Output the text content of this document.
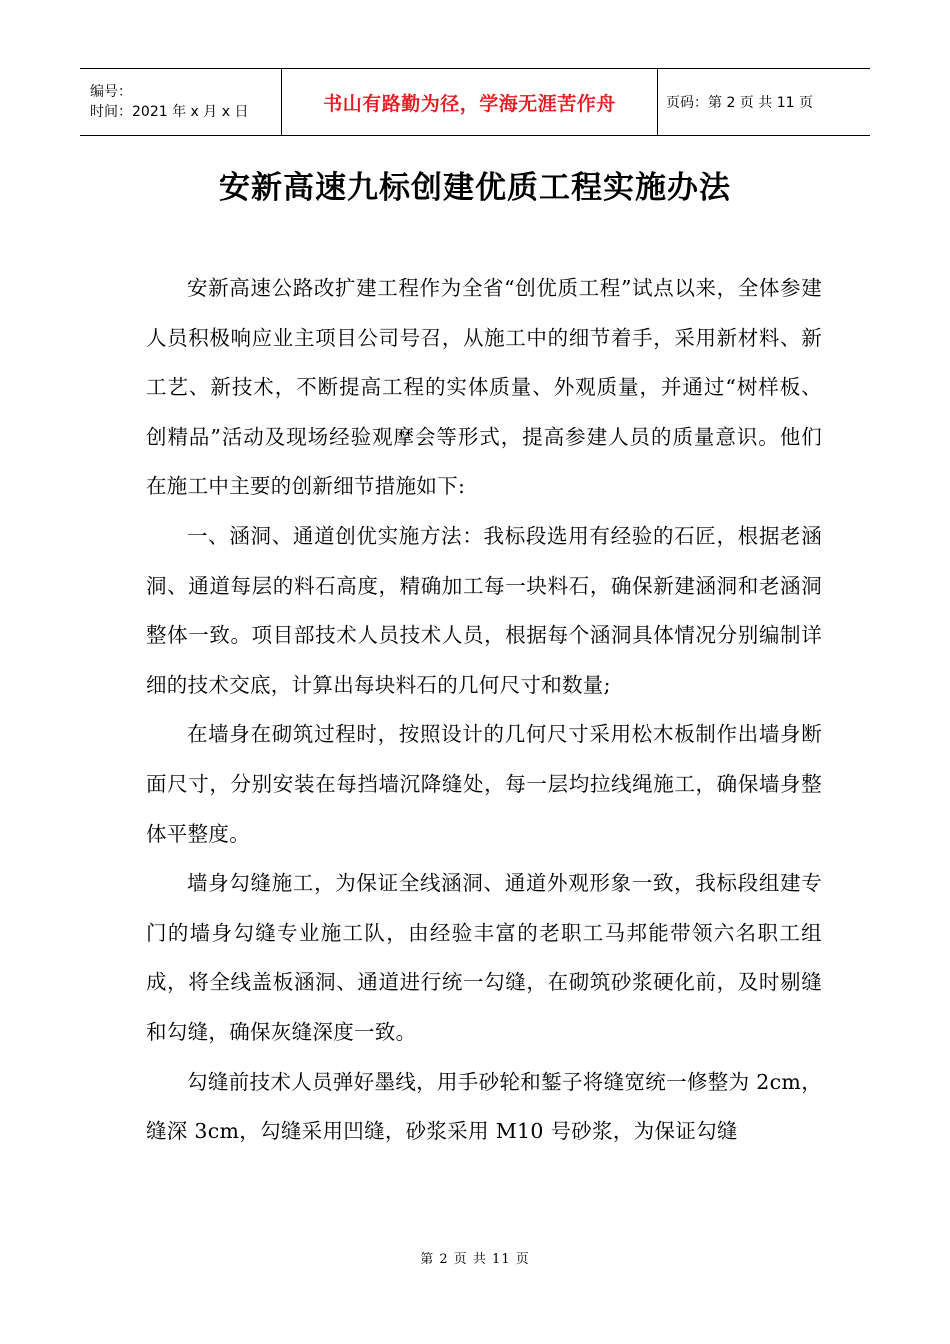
编号：
时间：2021 年 x 月 x 日	书山有路勤为径，学海无涯苦作舟	页码：第 2 页 共 11 页
安新高速九标创建优质工程实施办法

安新高速公路改扩建工程作为全省“创优质工程”试点以来，全体参建人员积极响应业主项目公司号召，从施工中的细节着手，采用新材料、新工艺、新技术，不断提高工程的实体质量、外观质量，并通过“树样板、创精品”活动及现场经验观摩会等形式，提高参建人员的质量意识。他们在施工中主要的创新细节措施如下:

一、涵洞、通道创优实施方法：我标段选用有经验的石匠，根据老涵洞、通道每层的料石高度，精确加工每一块料石，确保新建涵洞和老涵洞整体一致。项目部技术人员技术人员，根据每个涵洞具体情况分别编制详细的技术交底，计算出每块料石的几何尺寸和数量;

在墙身在砌筑过程时，按照设计的几何尺寸采用松木板制作出墙身断面尺寸，分别安装在每挡墙沉降缝处，每一层均拉线绳施工，确保墙身整体平整度。

墙身勾缝施工，为保证全线涵洞、通道外观形象一致，我标段组建专门的墙身勾缝专业施工队，由经验丰富的老职工马邦能带领六名职工组成，将全线盖板涵洞、通道进行统一勾缝，在砌筑砂浆硬化前，及时剔缝和勾缝，确保灰缝深度一致。

勾缝前技术人员弹好墨线，用手砂轮和錾子将缝宽统一修整为 2cm，缝深 3cm，勾缝采用凹缝，砂浆采用 M10 号砂浆，为保证勾缝

第 2 页 共 11 页
